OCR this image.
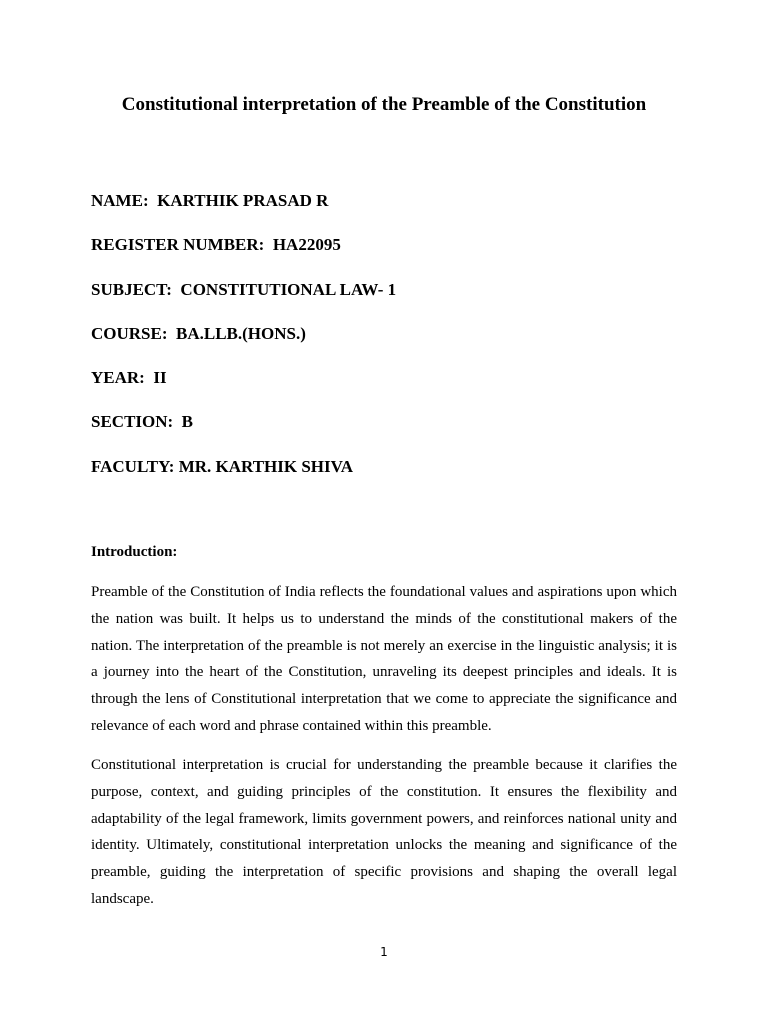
Constitutional interpretation of the Preamble of the Constitution
NAME:  KARTHIK PRASAD R
REGISTER NUMBER:  HA22095
SUBJECT:  CONSTITUTIONAL LAW- 1
COURSE:  BA.LLB.(HONS.)
YEAR:  II
SECTION:  B
FACULTY: MR. KARTHIK SHIVA
Introduction:

Preamble of the Constitution of India reflects the foundational values and aspirations upon which the nation was built. It helps us to understand the minds of the constitutional makers of the nation. The interpretation of the preamble is not merely an exercise in the linguistic analysis; it is a journey into the heart of the Constitution, unraveling its deepest principles and ideals. It is through the lens of Constitutional interpretation that we come to appreciate the significance and relevance of each word and phrase contained within this preamble.

Constitutional interpretation is crucial for understanding the preamble because it clarifies the purpose, context, and guiding principles of the constitution. It ensures the flexibility and adaptability of the legal framework, limits government powers, and reinforces national unity and identity. Ultimately, constitutional interpretation unlocks the meaning and significance of the preamble, guiding the interpretation of specific provisions and shaping the overall legal landscape.

1
